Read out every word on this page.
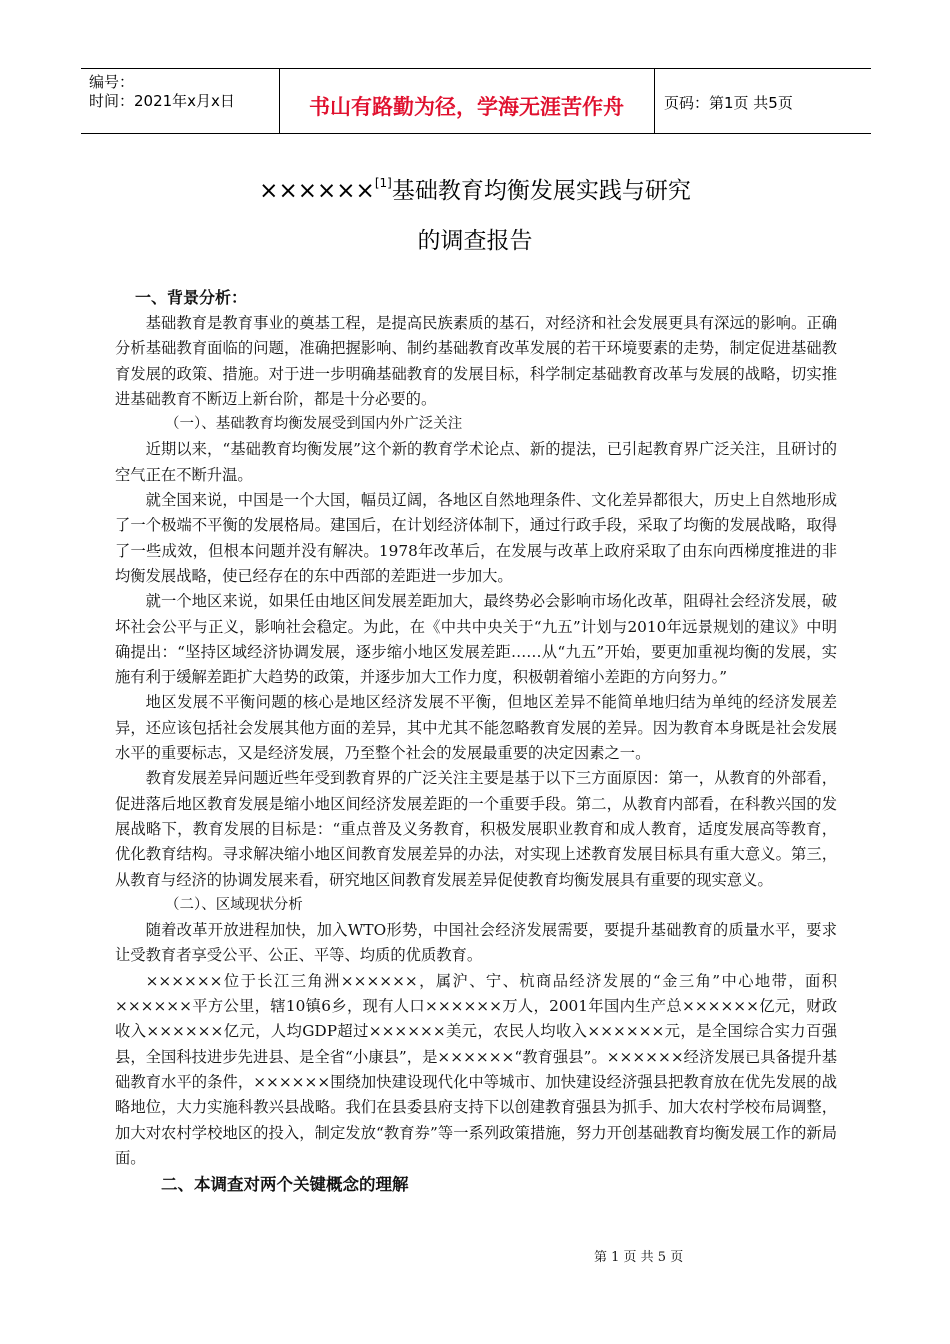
编号：
时间：2021年x月x日	书山有路勤为径，学海无涯苦作舟	页码：第1页 共5页
××××××[1]基础教育均衡发展实践与研究
的调查报告

一、背景分析：

基础教育是教育事业的奠基工程，是提高民族素质的基石，对经济和社会发展更具有深远的影响。正确分析基础教育面临的问题，准确把握影响、制约基础教育改革发展的若干环境要素的走势，制定促进基础教育发展的政策、措施。对于进一步明确基础教育的发展目标，科学制定基础教育改革与发展的战略，切实推进基础教育不断迈上新台阶，都是十分必要的。

（一）、基础教育均衡发展受到国内外广泛关注

近期以来，“基础教育均衡发展”这个新的教育学术论点、新的提法，已引起教育界广泛关注，且研讨的空气正在不断升温。

就全国来说，中国是一个大国，幅员辽阔，各地区自然地理条件、文化差异都很大，历史上自然地形成了一个极端不平衡的发展格局。建国后，在计划经济体制下，通过行政手段，采取了均衡的发展战略，取得了一些成效，但根本问题并没有解决。1978年改革后，在发展与改革上政府采取了由东向西梯度推进的非均衡发展战略，使已经存在的东中西部的差距进一步加大。

就一个地区来说，如果任由地区间发展差距加大，最终势必会影响市场化改革，阻碍社会经济发展，破坏社会公平与正义，影响社会稳定。为此，在《中共中央关于“九五”计划与2010年远景规划的建议》中明确提出：“坚持区域经济协调发展，逐步缩小地区发展差距……从“九五”开始，要更加重视均衡的发展，实施有利于缓解差距扩大趋势的政策，并逐步加大工作力度，积极朝着缩小差距的方向努力。”

地区发展不平衡问题的核心是地区经济发展不平衡，但地区差异不能简单地归结为单纯的经济发展差异，还应该包括社会发展其他方面的差异，其中尤其不能忽略教育发展的差异。因为教育本身既是社会发展水平的重要标志，又是经济发展，乃至整个社会的发展最重要的决定因素之一。

教育发展差异问题近些年受到教育界的广泛关注主要是基于以下三方面原因：第一，从教育的外部看，促进落后地区教育发展是缩小地区间经济发展差距的一个重要手段。第二，从教育内部看，在科教兴国的发展战略下，教育发展的目标是：“重点普及义务教育，积极发展职业教育和成人教育，适度发展高等教育，优化教育结构。寻求解决缩小地区间教育发展差异的办法，对实现上述教育发展目标具有重大意义。第三，从教育与经济的协调发展来看，研究地区间教育发展差异促使教育均衡发展具有重要的现实意义。

（二）、区域现状分析

随着改革开放进程加快，加入WTO形势，中国社会经济发展需要，要提升基础教育的质量水平，要求让受教育者享受公平、公正、平等、均质的优质教育。

××××××位于长江三角洲××××××，属沪、宁、杭商品经济发展的“金三角”中心地带，面积××××××平方公里，辖10镇6乡，现有人口××××××万人，2001年国内生产总××××××亿元，财政收入××××××亿元，人均GDP超过××××××美元，农民人均收入××××××元，是全国综合实力百强县，全国科技进步先进县、是全省“小康县”，是××××××“教育强县”。××××××经济发展已具备提升基础教育水平的条件，××××××围绕加快建设现代化中等城市、加快建设经济强县把教育放在优先发展的战略地位，大力实施科教兴县战略。我们在县委县府支持下以创建教育强县为抓手、加大农村学校布局调整，加大对农村学校地区的投入，制定发放“教育券”等一系列政策措施，努力开创基础教育均衡发展工作的新局面。

二、本调查对两个关键概念的理解

第 1 页 共 5 页
